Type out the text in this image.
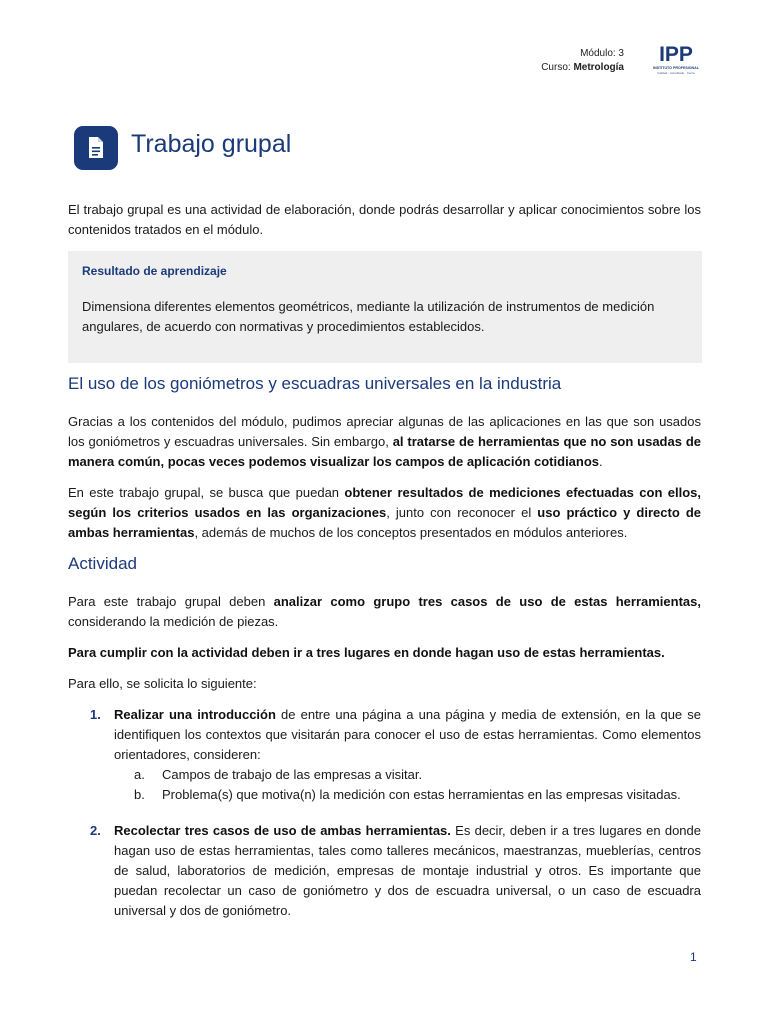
Módulo: 3
Curso: Metrología
IPP
INSTITUTO PROFESIONAL
Calidad · Acreditado · Cerca
Trabajo grupal

El trabajo grupal es una actividad de elaboración, donde podrás desarrollar y aplicar conocimientos sobre los contenidos tratados en el módulo.

Resultado de aprendizaje
Dimensiona diferentes elementos geométricos, mediante la utilización de instrumentos de medición angulares, de acuerdo con normativas y procedimientos establecidos.
El uso de los goniómetros y escuadras universales en la industria

Gracias a los contenidos del módulo, pudimos apreciar algunas de las aplicaciones en las que son usados los goniómetros y escuadras universales. Sin embargo, al tratarse de herramientas que no son usadas de manera común, pocas veces podemos visualizar los campos de aplicación cotidianos.

En este trabajo grupal, se busca que puedan obtener resultados de mediciones efectuadas con ellos, según los criterios usados en las organizaciones, junto con reconocer el uso práctico y directo de ambas herramientas, además de muchos de los conceptos presentados en módulos anteriores.

Actividad

Para este trabajo grupal deben analizar como grupo tres casos de uso de estas herramientas, considerando la medición de piezas.

Para cumplir con la actividad deben ir a tres lugares en donde hagan uso de estas herramientas.

Para ello, se solicita lo siguiente:

1. Realizar una introducción de entre una página a una página y media de extensión, en la que se identifiquen los contextos que visitarán para conocer el uso de estas herramientas. Como elementos orientadores, consideren:

a.	Campos de trabajo de las empresas a visitar.
b.	Problema(s) que motiva(n) la medición con estas herramientas en las empresas visitadas.
2. Recolectar tres casos de uso de ambas herramientas. Es decir, deben ir a tres lugares en donde hagan uso de estas herramientas, tales como talleres mecánicos, maestranzas, mueblerías, centros de salud, laboratorios de medición, empresas de montaje industrial y otros. Es importante que puedan recolectar un caso de goniómetro y dos de escuadra universal, o un caso de escuadra universal y dos de goniómetro.

1
